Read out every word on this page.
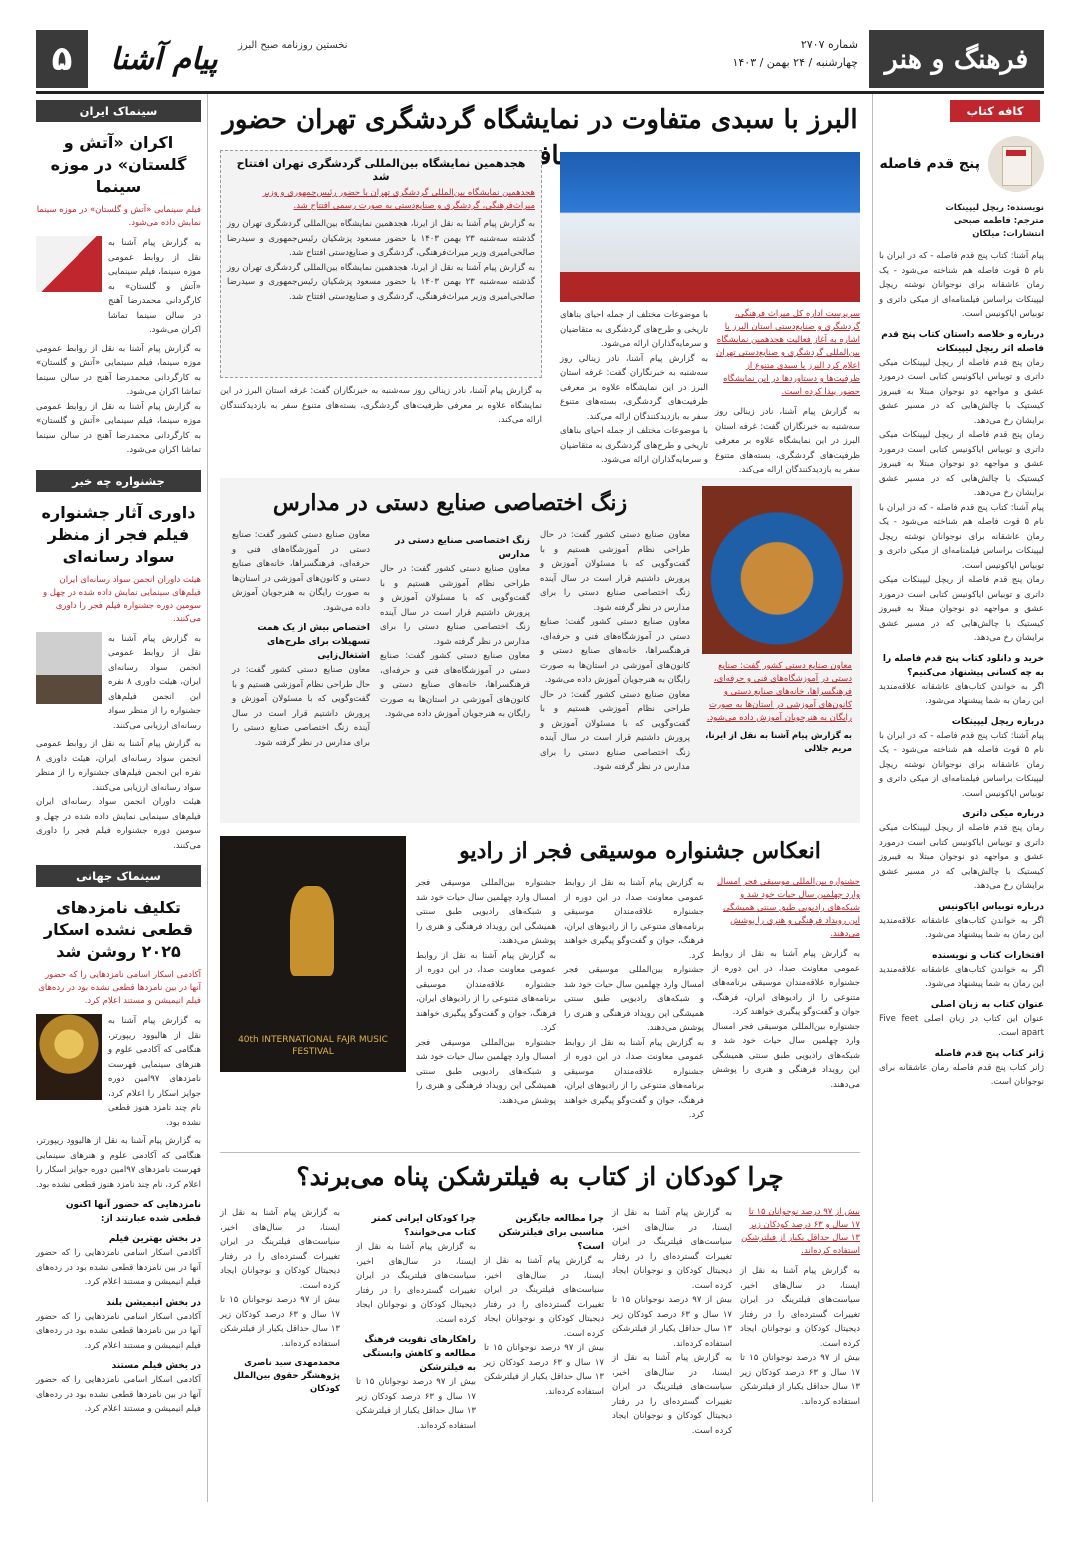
فرهنگ و هنر
شماره ۲۷۰۷
چهارشنبه / ۲۴ بهمن / ۱۴۰۳
نخستین روزنامه صبح البرز
پیام آشنا
۵
کافه کتاب
پنج قدم فاصله
نویسنده: ریچل لیپینکات
مترجم: فاطمه صبحی
انتشارات: میلکان

پیام آشنا: کتاب پنج قدم فاصله - که در ایران با نام ۵ قوت فاصله هم شناخته می‌شود - یک رمان عاشقانه برای نوجوانان نوشته ریچل لیپینکات براساس فیلمنامه‌ای از میکی داتری و توبیاس ایاکونیس است.

درباره و خلاصه داستان کتاب پنج قدم فاصله اثر ریچل لیپینکات

رمان پنج قدم فاصله از ریچل لیپینکات میکی داتری و توبیاس ایاکونیس کتابی است درمورد عشق و مواجهه دو نوجوان مبتلا به فیبروز کیستیک با چالش‌هایی که در مسیر عشق برایشان رخ می‌دهد.

رمان پنج قدم فاصله از ریچل لیپینکات میکی داتری و توبیاس ایاکونیس کتابی است درمورد عشق و مواجهه دو نوجوان مبتلا به فیبروز کیستیک با چالش‌هایی که در مسیر عشق برایشان رخ می‌دهد.

پیام آشنا: کتاب پنج قدم فاصله - که در ایران با نام ۵ قوت فاصله هم شناخته می‌شود - یک رمان عاشقانه برای نوجوانان نوشته ریچل لیپینکات براساس فیلمنامه‌ای از میکی داتری و توبیاس ایاکونیس است.

رمان پنج قدم فاصله از ریچل لیپینکات میکی داتری و توبیاس ایاکونیس کتابی است درمورد عشق و مواجهه دو نوجوان مبتلا به فیبروز کیستیک با چالش‌هایی که در مسیر عشق برایشان رخ می‌دهد.

خرید و دانلود کتاب پنج قدم فاصله را به چه کسانی پیشنهاد می‌کنیم؟

اگر به خواندن کتاب‌های عاشقانه علاقه‌مندید این رمان به شما پیشنهاد می‌شود.

درباره ریچل لیپینکات

پیام آشنا: کتاب پنج قدم فاصله - که در ایران با نام ۵ قوت فاصله هم شناخته می‌شود - یک رمان عاشقانه برای نوجوانان نوشته ریچل لیپینکات براساس فیلمنامه‌ای از میکی داتری و توبیاس ایاکونیس است.

درباره میکی داتری

رمان پنج قدم فاصله از ریچل لیپینکات میکی داتری و توبیاس ایاکونیس کتابی است درمورد عشق و مواجهه دو نوجوان مبتلا به فیبروز کیستیک با چالش‌هایی که در مسیر عشق برایشان رخ می‌دهد.

درباره توبیاس ایاکونیس

اگر به خواندن کتاب‌های عاشقانه علاقه‌مندید این رمان به شما پیشنهاد می‌شود.

افتخارات کتاب و نویسنده

اگر به خواندن کتاب‌های عاشقانه علاقه‌مندید این رمان به شما پیشنهاد می‌شود.

عنوان کتاب به زبان اصلی

عنوان این کتاب در زبان اصلی Five feet apart است.

ژانر کتاب پنج قدم فاصله

ژانر کتاب پنج قدم فاصله رمان عاشقانه برای نوجوانان است.

سینماک ایران
اکران «آتش و گلستان» در موزه سینما
فیلم سینمایی «آتش و گلستان» در موزه سینما نمایش داده می‌شود.

به گزارش پیام آشنا به نقل از روابط عمومی موزه سینما، فیلم سینمایی «آتش و گلستان» به کارگردانی محمدرضا آهنج در سالن سینما تماشا اکران می‌شود.

به گزارش پیام آشنا به نقل از روابط عمومی موزه سینما، فیلم سینمایی «آتش و گلستان» به کارگردانی محمدرضا آهنج در سالن سینما تماشا اکران می‌شود.

به گزارش پیام آشنا به نقل از روابط عمومی موزه سینما، فیلم سینمایی «آتش و گلستان» به کارگردانی محمدرضا آهنج در سالن سینما تماشا اکران می‌شود.

جشنواره چه خبر
داوری آثار جشنواره فیلم فجر از منظر سواد رسانه‌ای
هیئت داوران انجمن سواد رسانه‌ای ایران فیلم‌های سینمایی نمایش داده شده در چهل و سومین دوره جشنواره فیلم فجر را داوری می‌کنند.

به گزارش پیام آشنا به نقل از روابط عمومی انجمن سواد رسانه‌ای ایران، هیئت داوری ۸ نفره این انجمن فیلم‌های جشنواره را از منظر سواد رسانه‌ای ارزیابی می‌کنند.

به گزارش پیام آشنا به نقل از روابط عمومی انجمن سواد رسانه‌ای ایران، هیئت داوری ۸ نفره این انجمن فیلم‌های جشنواره را از منظر سواد رسانه‌ای ارزیابی می‌کنند.

هیئت داوران انجمن سواد رسانه‌ای ایران فیلم‌های سینمایی نمایش داده شده در چهل و سومین دوره جشنواره فیلم فجر را داوری می‌کنند.

سینماک جهانی
تکلیف نامزدهای قطعی نشده اسکار ۲۰۲۵ روشن شد
آکادمی اسکار اسامی نامزدهایی را که حضور آنها در بین نامزدها قطعی نشده بود در رده‌های فیلم انیمیشن و مستند اعلام کرد.

به گزارش پیام آشنا به نقل از هالیوود ریپورتر، هنگامی که آکادمی علوم و هنرهای سینمایی فهرست نامزدهای ۹۷امین دوره جوایز اسکار را اعلام کرد، نام چند نامزد هنوز قطعی نشده بود.

به گزارش پیام آشنا به نقل از هالیوود ریپورتر، هنگامی که آکادمی علوم و هنرهای سینمایی فهرست نامزدهای ۹۷امین دوره جوایز اسکار را اعلام کرد، نام چند نامزد هنوز قطعی نشده بود.

نامزدهایی که حضور آنها اکنون قطعی شده عبارتند از:
در بخش بهترین فیلم

آکادمی اسکار اسامی نامزدهایی را که حضور آنها در بین نامزدها قطعی نشده بود در رده‌های فیلم انیمیشن و مستند اعلام کرد.

در بخش انیمیشن بلند

آکادمی اسکار اسامی نامزدهایی را که حضور آنها در بین نامزدها قطعی نشده بود در رده‌های فیلم انیمیشن و مستند اعلام کرد.

در بخش فیلم مستند

آکادمی اسکار اسامی نامزدهایی را که حضور آنها در بین نامزدها قطعی نشده بود در رده‌های فیلم انیمیشن و مستند اعلام کرد.

البرز با سبدی متفاوت در نمایشگاه گردشگری تهران حضور

سرپرست اداره کل میراث فرهنگی، گردشگری و صنایع‌دستی استان البرز با اشاره به آغاز فعالیت هجدهمین نمایشگاه بین‌المللی گردشگری و صنایع‌دستی تهران اعلام کرد البرز با سبدی متنوع از ظرفیت‌ها و دستاوردها در این نمایشگاه حضور پیدا کرده است.

به گزارش پیام آشنا، نادر زینالی روز سه‌شنبه به خبرنگاران گفت: غرفه استان البرز در این نمایشگاه علاوه بر معرفی ظرفیت‌های گردشگری، بسته‌های متنوع سفر به بازدیدکنندگان ارائه می‌کند.

با موضوعات مختلف از جمله احیای بناهای تاریخی و طرح‌های گردشگری به متقاضیان و سرمایه‌گذاران ارائه می‌شود.

به گزارش پیام آشنا، نادر زینالی روز سه‌شنبه به خبرنگاران گفت: غرفه استان البرز در این نمایشگاه علاوه بر معرفی ظرفیت‌های گردشگری، بسته‌های متنوع سفر به بازدیدکنندگان ارائه می‌کند.

با موضوعات مختلف از جمله احیای بناهای تاریخی و طرح‌های گردشگری به متقاضیان و سرمایه‌گذاران ارائه می‌شود.

هجدهمین نمایشگاه بین‌المللی گردشگری تهران افتتاح شد

هجدهمین نمایشگاه بین‌المللی گردشگری تهران با حضور رئیس‌جمهوری و وزیر میراث‌فرهنگی، گردشگری و صنایع‌دستی به صورت رسمی افتتاح شد.

به گزارش پیام آشنا به نقل از ایرنا، هجدهمین نمایشگاه بین‌المللی گردشگری تهران روز گذشته سه‌شنبه ۲۳ بهمن ۱۴۰۳ با حضور مسعود پزشکیان رئیس‌جمهوری و سیدرضا صالحی‌امیری وزیر میراث‌فرهنگی، گردشگری و صنایع‌دستی افتتاح شد.

به گزارش پیام آشنا به نقل از ایرنا، هجدهمین نمایشگاه بین‌المللی گردشگری تهران روز گذشته سه‌شنبه ۲۳ بهمن ۱۴۰۳ با حضور مسعود پزشکیان رئیس‌جمهوری و سیدرضا صالحی‌امیری وزیر میراث‌فرهنگی، گردشگری و صنایع‌دستی افتتاح شد.

به گزارش پیام آشنا، نادر زینالی روز سه‌شنبه به خبرنگاران گفت: غرفه استان البرز در این نمایشگاه علاوه بر معرفی ظرفیت‌های گردشگری، بسته‌های متنوع سفر به بازدیدکنندگان ارائه می‌کند.

زنگ اختصاصی صنایع دستی در مدارس

معاون صنایع دستی کشور گفت: صنایع دستی در آموزشگاه‌های فنی و حرفه‌ای، فرهنگسراها، خانه‌های صنایع دستی و کانون‌های آموزشی در استان‌ها به صورت رایگان به هنرجویان آموزش داده می‌شود.

به گزارش پیام آشنا به نقل از ایرنا، مریم جلالی

معاون صنایع دستی کشور گفت: در حال طراحی نظام آموزشی هستیم و با گفت‌وگویی که با مسئولان آموزش و پرورش داشتیم قرار است در سال آینده زنگ اختصاصی صنایع دستی را برای مدارس در نظر گرفته شود.

معاون صنایع دستی کشور گفت: صنایع دستی در آموزشگاه‌های فنی و حرفه‌ای، فرهنگسراها، خانه‌های صنایع دستی و کانون‌های آموزشی در استان‌ها به صورت رایگان به هنرجویان آموزش داده می‌شود.

معاون صنایع دستی کشور گفت: در حال طراحی نظام آموزشی هستیم و با گفت‌وگویی که با مسئولان آموزش و پرورش داشتیم قرار است در سال آینده زنگ اختصاصی صنایع دستی را برای مدارس در نظر گرفته شود.

زنگ اختصاصی صنایع دستی در مدارس

معاون صنایع دستی کشور گفت: در حال طراحی نظام آموزشی هستیم و با گفت‌وگویی که با مسئولان آموزش و پرورش داشتیم قرار است در سال آینده زنگ اختصاصی صنایع دستی را برای مدارس در نظر گرفته شود.

معاون صنایع دستی کشور گفت: صنایع دستی در آموزشگاه‌های فنی و حرفه‌ای، فرهنگسراها، خانه‌های صنایع دستی و کانون‌های آموزشی در استان‌ها به صورت رایگان به هنرجویان آموزش داده می‌شود.

معاون صنایع دستی کشور گفت: صنایع دستی در آموزشگاه‌های فنی و حرفه‌ای، فرهنگسراها، خانه‌های صنایع دستی و کانون‌های آموزشی در استان‌ها به صورت رایگان به هنرجویان آموزش داده می‌شود.

اختصاص بیش از یک همت تسهیلات برای طرح‌های اشتغال‌زایی

معاون صنایع دستی کشور گفت: در حال طراحی نظام آموزشی هستیم و با گفت‌وگویی که با مسئولان آموزش و پرورش داشتیم قرار است در سال آینده زنگ اختصاصی صنایع دستی را برای مدارس در نظر گرفته شود.

انعکاس جشنواره موسیقی فجر از رادیو
40th INTERNATIONAL FAJR MUSIC FESTIVAL

جشنواره بین‌المللی موسیقی فجر امسال وارد چهلمین سال حیات خود شد و شبکه‌های رادیویی طبق سنتی همیشگی این رویداد فرهنگی و هنری را پوشش می‌دهند.

به گزارش پیام آشنا به نقل از روابط عمومی معاونت صدا، در این دوره از جشنواره علاقه‌مندان موسیقی برنامه‌های متنوعی را از رادیوهای ایران، فرهنگ، جوان و گفت‌وگو پیگیری خواهند کرد.

جشنواره بین‌المللی موسیقی فجر امسال وارد چهلمین سال حیات خود شد و شبکه‌های رادیویی طبق سنتی همیشگی این رویداد فرهنگی و هنری را پوشش می‌دهند.

به گزارش پیام آشنا به نقل از روابط عمومی معاونت صدا، در این دوره از جشنواره علاقه‌مندان موسیقی برنامه‌های متنوعی را از رادیوهای ایران، فرهنگ، جوان و گفت‌وگو پیگیری خواهند کرد.

جشنواره بین‌المللی موسیقی فجر امسال وارد چهلمین سال حیات خود شد و شبکه‌های رادیویی طبق سنتی همیشگی این رویداد فرهنگی و هنری را پوشش می‌دهند.

به گزارش پیام آشنا به نقل از روابط عمومی معاونت صدا، در این دوره از جشنواره علاقه‌مندان موسیقی برنامه‌های متنوعی را از رادیوهای ایران، فرهنگ، جوان و گفت‌وگو پیگیری خواهند کرد.

جشنواره بین‌المللی موسیقی فجر امسال وارد چهلمین سال حیات خود شد و شبکه‌های رادیویی طبق سنتی همیشگی این رویداد فرهنگی و هنری را پوشش می‌دهند.

به گزارش پیام آشنا به نقل از روابط عمومی معاونت صدا، در این دوره از جشنواره علاقه‌مندان موسیقی برنامه‌های متنوعی را از رادیوهای ایران، فرهنگ، جوان و گفت‌وگو پیگیری خواهند کرد.

جشنواره بین‌المللی موسیقی فجر امسال وارد چهلمین سال حیات خود شد و شبکه‌های رادیویی طبق سنتی همیشگی این رویداد فرهنگی و هنری را پوشش می‌دهند.

چرا کودکان از کتاب به فیلترشکن پناه می‌برند؟

بیش از ۹۷ درصد نوجوانان ۱۵ تا ۱۷ سال و ۶۳ درصد کودکان زیر ۱۳ سال حداقل یکبار از فیلترشکن استفاده کرده‌اند.

به گزارش پیام آشنا به نقل از ایسنا، در سال‌های اخیر، سیاست‌های فیلترینگ در ایران تغییرات گسترده‌ای را در رفتار دیجیتال کودکان و نوجوانان ایجاد کرده است.

بیش از ۹۷ درصد نوجوانان ۱۵ تا ۱۷ سال و ۶۳ درصد کودکان زیر ۱۳ سال حداقل یکبار از فیلترشکن استفاده کرده‌اند.

به گزارش پیام آشنا به نقل از ایسنا، در سال‌های اخیر، سیاست‌های فیلترینگ در ایران تغییرات گسترده‌ای را در رفتار دیجیتال کودکان و نوجوانان ایجاد کرده است.

بیش از ۹۷ درصد نوجوانان ۱۵ تا ۱۷ سال و ۶۳ درصد کودکان زیر ۱۳ سال حداقل یکبار از فیلترشکن استفاده کرده‌اند.

به گزارش پیام آشنا به نقل از ایسنا، در سال‌های اخیر، سیاست‌های فیلترینگ در ایران تغییرات گسترده‌ای را در رفتار دیجیتال کودکان و نوجوانان ایجاد کرده است.

چرا مطالعه جایگزین مناسبی برای فیلترشکن است؟

به گزارش پیام آشنا به نقل از ایسنا، در سال‌های اخیر، سیاست‌های فیلترینگ در ایران تغییرات گسترده‌ای را در رفتار دیجیتال کودکان و نوجوانان ایجاد کرده است.

بیش از ۹۷ درصد نوجوانان ۱۵ تا ۱۷ سال و ۶۳ درصد کودکان زیر ۱۳ سال حداقل یکبار از فیلترشکن استفاده کرده‌اند.

چرا کودکان ایرانی کمتر کتاب می‌خوانند؟

به گزارش پیام آشنا به نقل از ایسنا، در سال‌های اخیر، سیاست‌های فیلترینگ در ایران تغییرات گسترده‌ای را در رفتار دیجیتال کودکان و نوجوانان ایجاد کرده است.

راهکارهای تقویت فرهنگ مطالعه و کاهش وابستگی به فیلترشکن

بیش از ۹۷ درصد نوجوانان ۱۵ تا ۱۷ سال و ۶۳ درصد کودکان زیر ۱۳ سال حداقل یکبار از فیلترشکن استفاده کرده‌اند.

به گزارش پیام آشنا به نقل از ایسنا، در سال‌های اخیر، سیاست‌های فیلترینگ در ایران تغییرات گسترده‌ای را در رفتار دیجیتال کودکان و نوجوانان ایجاد کرده است.

بیش از ۹۷ درصد نوجوانان ۱۵ تا ۱۷ سال و ۶۳ درصد کودکان زیر ۱۳ سال حداقل یکبار از فیلترشکن استفاده کرده‌اند.

محمدمهدی سید ناصری
پژوهشگر حقوق بین‌الملل کودکان
